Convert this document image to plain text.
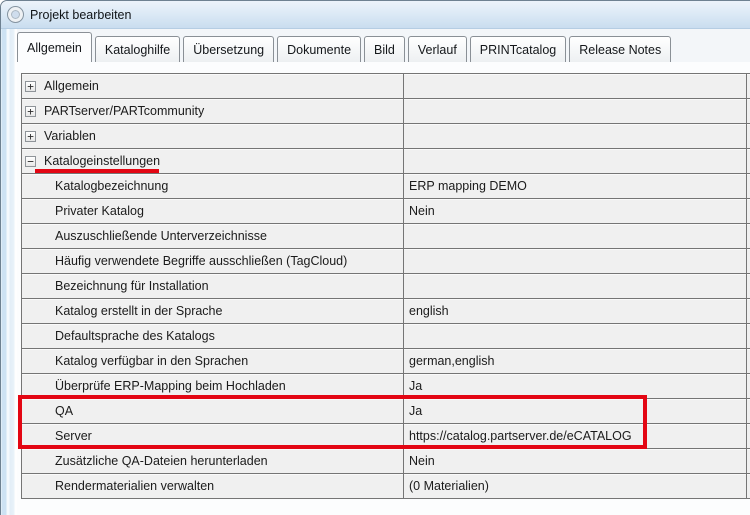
Projekt bearbeiten
Allgemein	Kataloghilfe	Übersetzung	Dokumente	Bild	Verlauf	PRINTcatalog	Release Notes
+ Allgemein
+ PARTserver/PARTcommunity
+ Variablen
− Katalogeinstellungen
Katalogbezeichnung	ERP mapping DEMO
Privater Katalog	Nein
Auszuschließende Unterverzeichnisse
Häufig verwendete Begriffe ausschließen (TagCloud)
Bezeichnung für Installation
Katalog erstellt in der Sprache	english
Defaultsprache des Katalogs
Katalog verfügbar in den Sprachen	german,english
Überprüfe ERP-Mapping beim Hochladen	Ja
QA	Ja
Server	https://catalog.partserver.de/eCATALOG
Zusätzliche QA-Dateien herunterladen	Nein
Rendermaterialien verwalten	(0 Materialien)
